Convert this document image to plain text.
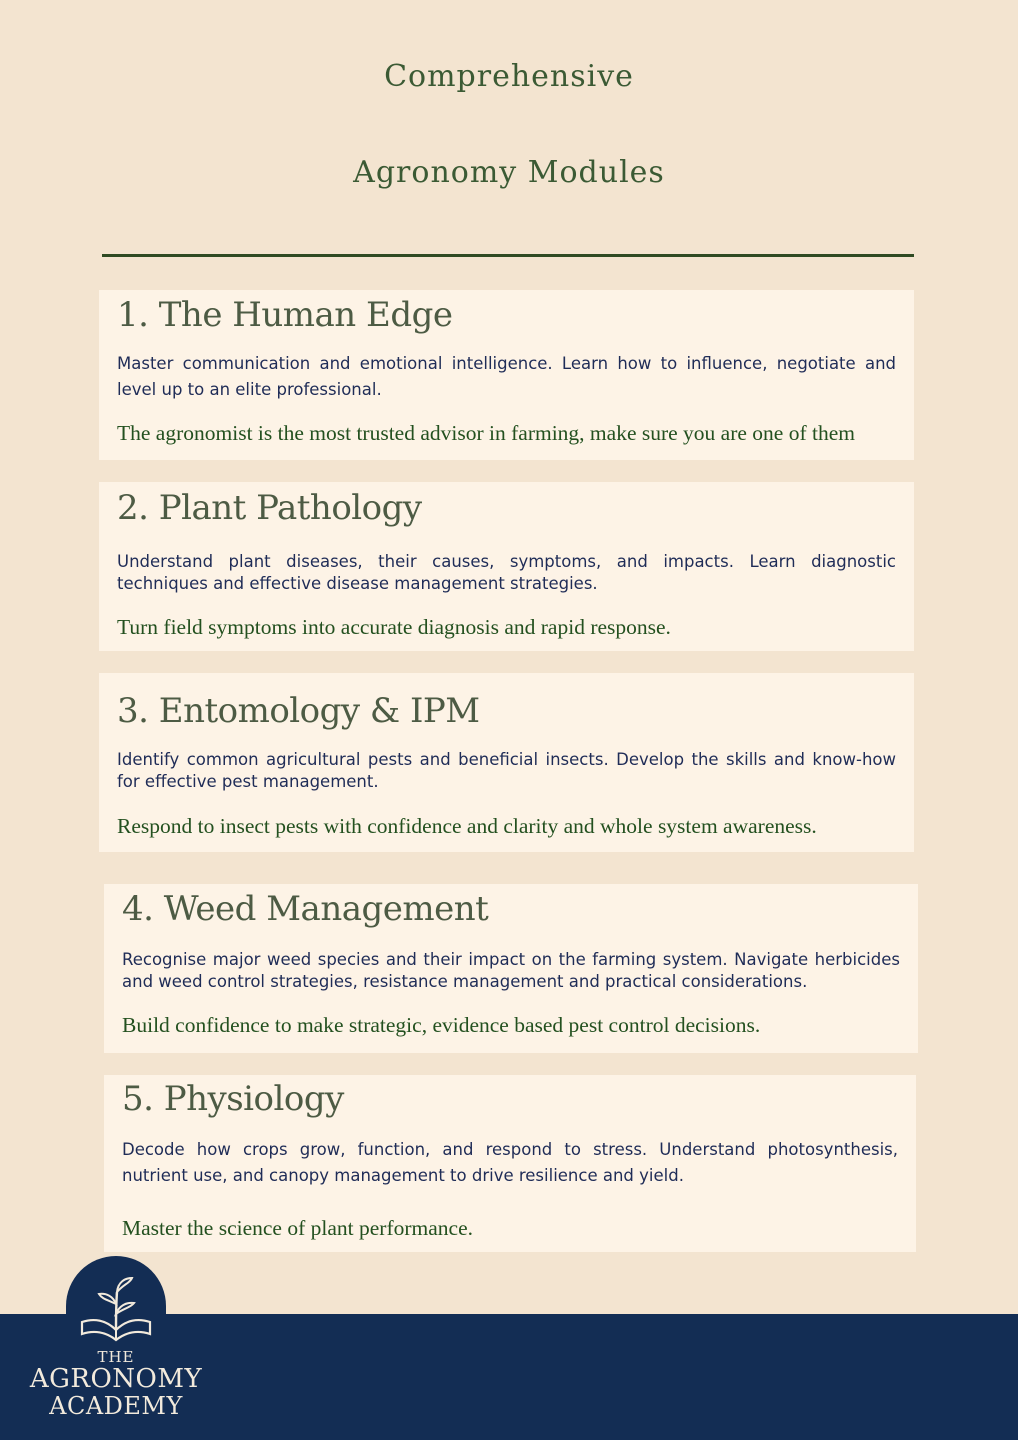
Comprehensive
Agronomy Modules
1. The Human Edge
Master communication and emotional intelligence. Learn how to influence, negotiate and level up to an elite professional.
The agronomist is the most trusted advisor in farming, make sure you are one of them
2. Plant Pathology
Understand plant diseases, their causes, symptoms, and impacts. Learn diagnostic techniques and effective disease management strategies.
Turn field symptoms into accurate diagnosis and rapid response.
3. Entomology & IPM
Identify common agricultural pests and beneficial insects. Develop the skills and know-how for effective pest management.
Respond to insect pests with confidence and clarity and whole system awareness.
4. Weed Management
Recognise major weed species and their impact on the farming system. Navigate herbicides and weed control strategies, resistance management and practical considerations.
Build confidence to make strategic, evidence based pest control decisions.
5. Physiology
Decode how crops grow, function, and respond to stress. Understand photosynthesis, nutrient use, and canopy management to drive resilience and yield.
Master the science of plant performance.
THE
AGRONOMY
ACADEMY
